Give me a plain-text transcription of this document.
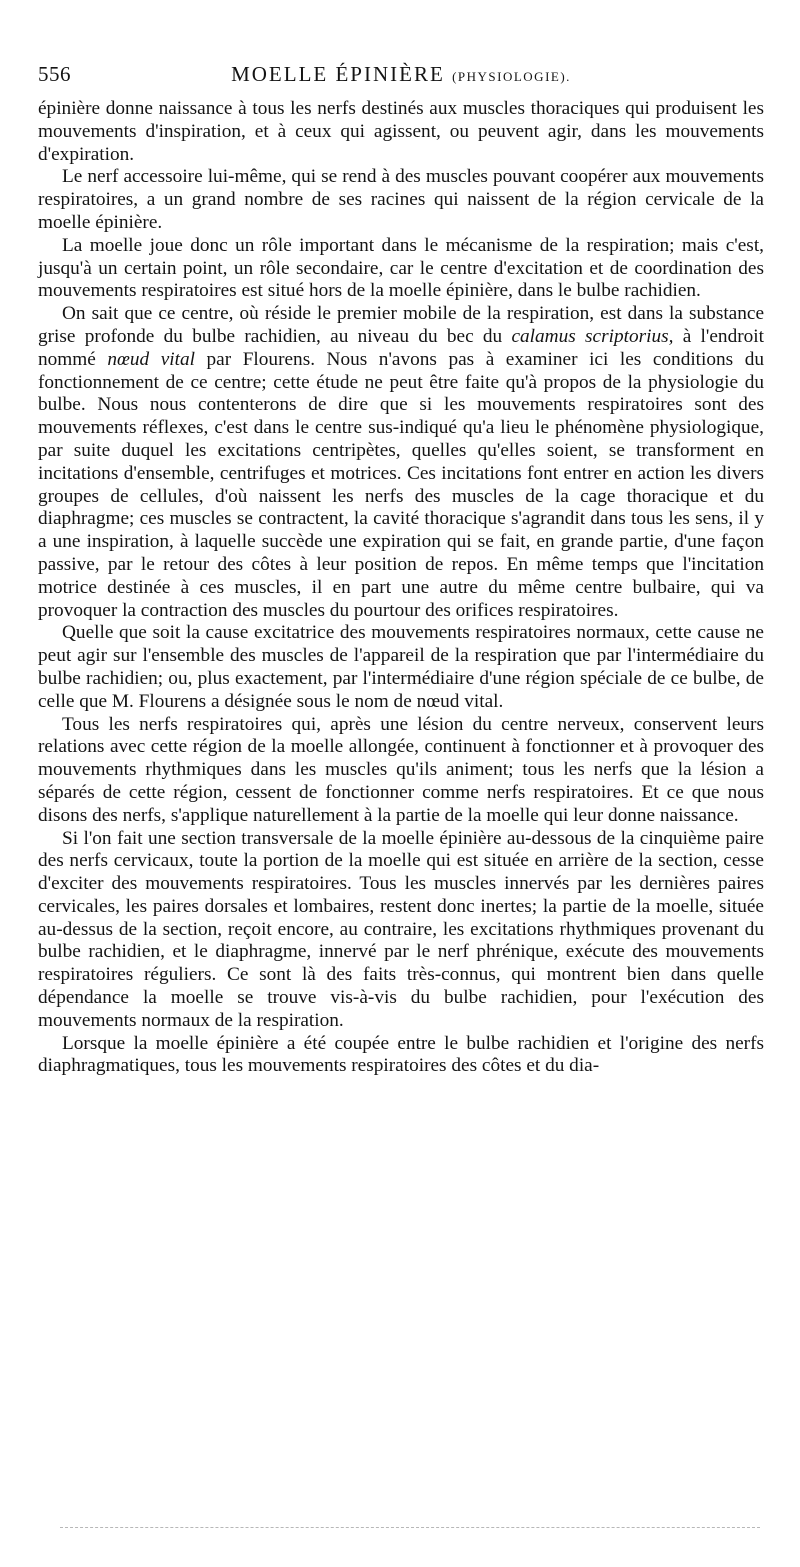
556	MOELLE ÉPINIÈRE (PHYSIOLOGIE).

épinière donne naissance à tous les nerfs destinés aux muscles thoraciques qui produisent les mouvements d'inspiration, et à ceux qui agissent, ou peuvent agir, dans les mouvements d'expiration.

Le nerf accessoire lui-même, qui se rend à des muscles pouvant coopérer aux mouvements respiratoires, a un grand nombre de ses racines qui naissent de la région cervicale de la moelle épinière.

La moelle joue donc un rôle important dans le mécanisme de la respiration; mais c'est, jusqu'à un certain point, un rôle secondaire, car le centre d'excitation et de coordination des mouvements respiratoires est situé hors de la moelle épinière, dans le bulbe rachidien.

On sait que ce centre, où réside le premier mobile de la respiration, est dans la substance grise profonde du bulbe rachidien, au niveau du bec du calamus scriptorius, à l'endroit nommé nœud vital par Flourens. Nous n'avons pas à examiner ici les conditions du fonctionnement de ce centre; cette étude ne peut être faite qu'à propos de la physiologie du bulbe. Nous nous contenterons de dire que si les mouvements respiratoires sont des mouvements réflexes, c'est dans le centre sus-indiqué qu'a lieu le phénomène physiologique, par suite duquel les excitations centripètes, quelles qu'elles soient, se transforment en incitations d'ensemble, centrifuges et motrices. Ces incitations font entrer en action les divers groupes de cellules, d'où naissent les nerfs des muscles de la cage thoracique et du diaphragme; ces muscles se contractent, la cavité thoracique s'agrandit dans tous les sens, il y a une inspiration, à laquelle succède une expiration qui se fait, en grande partie, d'une façon passive, par le retour des côtes à leur position de repos. En même temps que l'incitation motrice destinée à ces muscles, il en part une autre du même centre bulbaire, qui va provoquer la contraction des muscles du pourtour des orifices respiratoires.

Quelle que soit la cause excitatrice des mouvements respiratoires normaux, cette cause ne peut agir sur l'ensemble des muscles de l'appareil de la respiration que par l'intermédiaire du bulbe rachidien; ou, plus exactement, par l'intermédiaire d'une région spéciale de ce bulbe, de celle que M. Flourens a désignée sous le nom de nœud vital.

Tous les nerfs respiratoires qui, après une lésion du centre nerveux, conservent leurs relations avec cette région de la moelle allongée, continuent à fonctionner et à provoquer des mouvements rhythmiques dans les muscles qu'ils animent; tous les nerfs que la lésion a séparés de cette région, cessent de fonctionner comme nerfs respiratoires. Et ce que nous disons des nerfs, s'applique naturellement à la partie de la moelle qui leur donne naissance.

Si l'on fait une section transversale de la moelle épinière au-dessous de la cinquième paire des nerfs cervicaux, toute la portion de la moelle qui est située en arrière de la section, cesse d'exciter des mouvements respiratoires. Tous les muscles innervés par les dernières paires cervicales, les paires dorsales et lombaires, restent donc inertes; la partie de la moelle, située au-dessus de la section, reçoit encore, au contraire, les excitations rhythmiques provenant du bulbe rachidien, et le diaphragme, innervé par le nerf phrénique, exécute des mouvements respiratoires réguliers. Ce sont là des faits très-connus, qui montrent bien dans quelle dépendance la moelle se trouve vis-à-vis du bulbe rachidien, pour l'exécution des mouvements normaux de la respiration.

Lorsque la moelle épinière a été coupée entre le bulbe rachidien et l'origine des nerfs diaphragmatiques, tous les mouvements respiratoires des côtes et du dia-
